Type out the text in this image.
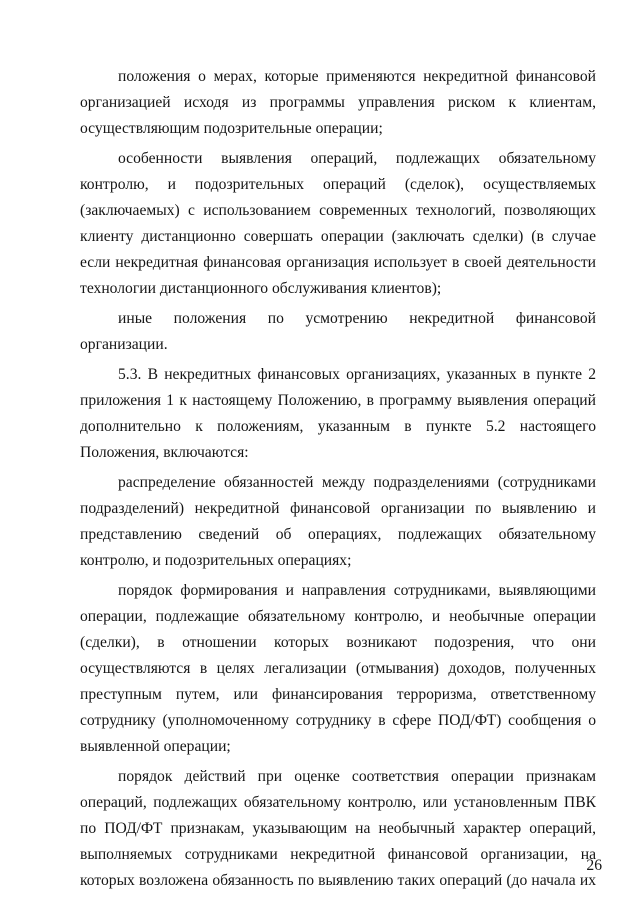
положения о мерах, которые применяются некредитной финансовой
организацией исходя из программы управления риском к клиентам,
осуществляющим подозрительные операции;

особенности выявления операций, подлежащих обязательному
контролю, и подозрительных операций (сделок), осуществляемых
(заключаемых) с использованием современных технологий, позволяющих
клиенту дистанционно совершать операции (заключать сделки) (в случае
если некредитная финансовая организация использует в своей деятельности
технологии дистанционного обслуживания клиентов);

иные положения по усмотрению некредитной финансовой организации.

5.3. В некредитных финансовых организациях, указанных в пункте 2
приложения 1 к настоящему Положению, в программу выявления операций
дополнительно к положениям, указанным в пункте 5.2 настоящего
Положения, включаются:

распределение обязанностей между подразделениями (сотрудниками
подразделений) некредитной финансовой организации по выявлению и
представлению сведений об операциях, подлежащих обязательному
контролю, и подозрительных операциях;

порядок формирования и направления сотрудниками, выявляющими
операции, подлежащие обязательному контролю, и необычные операции
(сделки), в отношении которых возникают подозрения, что они
осуществляются в целях легализации (отмывания) доходов, полученных
преступным путем, или финансирования терроризма, ответственному
сотруднику (уполномоченному сотруднику в сфере ПОД/ФТ) сообщения о
выявленной операции;

порядок действий при оценке соответствия операции признакам
операций, подлежащих обязательному контролю, или установленным ПВК
по ПОД/ФТ признакам, указывающим на необычный характер операций,
выполняемых сотрудниками некредитной финансовой организации, на
которых возложена обязанность по выявлению таких операций (до начала их

26
